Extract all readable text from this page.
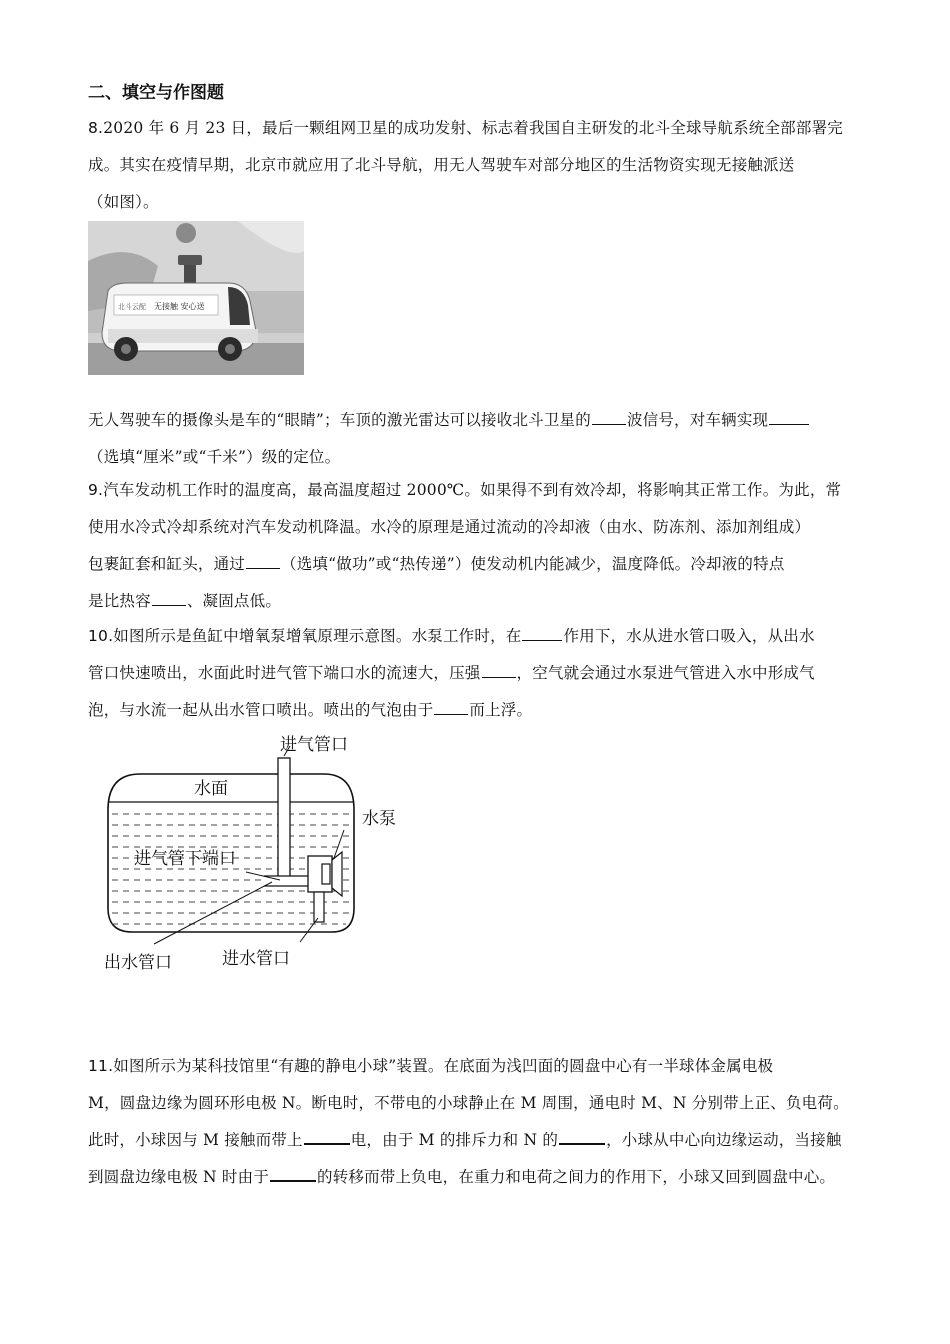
二、填空与作图题
8.2020 年 6 月 23 日，最后一颗组网卫星的成功发射、标志着我国自主研发的北斗全球导航系统全部部署完
成。其实在疫情早期，北京市就应用了北斗导航，用无人驾驶车对部分地区的生活物资实现无接触派送
（如图）。
北斗云配 无接触 安心送
无人驾驶车的摄像头是车的“眼睛”；车顶的激光雷达可以接收北斗卫星的 波信号，对车辆实现
（选填“厘米”或“千米”）级的定位。
9.汽车发动机工作时的温度高，最高温度超过 2000℃。如果得不到有效冷却，将影响其正常工作。为此，常
使用水冷式冷却系统对汽车发动机降温。水冷的原理是通过流动的冷却液（由水、防冻剂、添加剂组成）
包裹缸套和缸头，通过 （选填“做功”或“热传递”）使发动机内能减少，温度降低。冷却液的特点
是比热容 、凝固点低。
10.如图所示是鱼缸中增氧泵增氧原理示意图。水泵工作时，在	作用下，水从进水管口吸入，从出水
管口快速喷出，水面此时进气管下端口水的流速大，压强 ，空气就会通过水泵进气管进入水中形成气
泡，与水流一起从出水管口喷出。喷出的气泡由于 而上浮。
进气管口
水面
水泵
进气管下端口
出水管口	进水管口
11.如图所示为某科技馆里“有趣的静电小球”装置。在底面为浅凹面的圆盘中心有一半球体金属电极
M，圆盘边缘为圆环形电极 N。断电时，不带电的小球静止在 M 周围，通电时 M、N 分别带上正、负电荷。
此时，小球因与 M 接触而带上	电，由于 M 的排斥力和 N 的	，小球从中心向边缘运动，当接触
到圆盘边缘电极 N 时由于	的转移而带上负电，在重力和电荷之间力的作用下，小球又回到圆盘中心。
